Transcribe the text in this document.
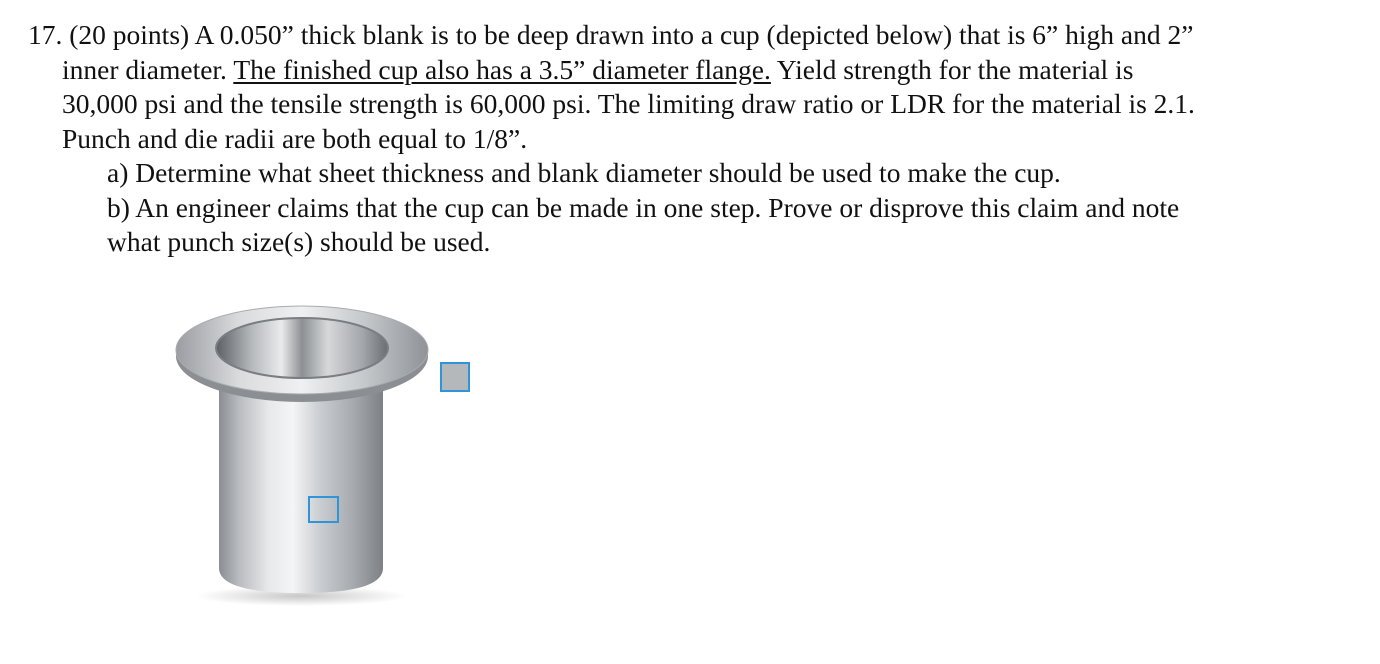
17. (20 points) A 0.050” thick blank is to be deep drawn into a cup (depicted below) that is 6” high and 2”
inner diameter. The finished cup also has a 3.5” diameter flange. Yield strength for the material is
30,000 psi and the tensile strength is 60,000 psi. The limiting draw ratio or LDR for the material is 2.1.
Punch and die radii are both equal to 1/8”.
a) Determine what sheet thickness and blank diameter should be used to make the cup.
b) An engineer claims that the cup can be made in one step. Prove or disprove this claim and note
what punch size(s) should be used.
